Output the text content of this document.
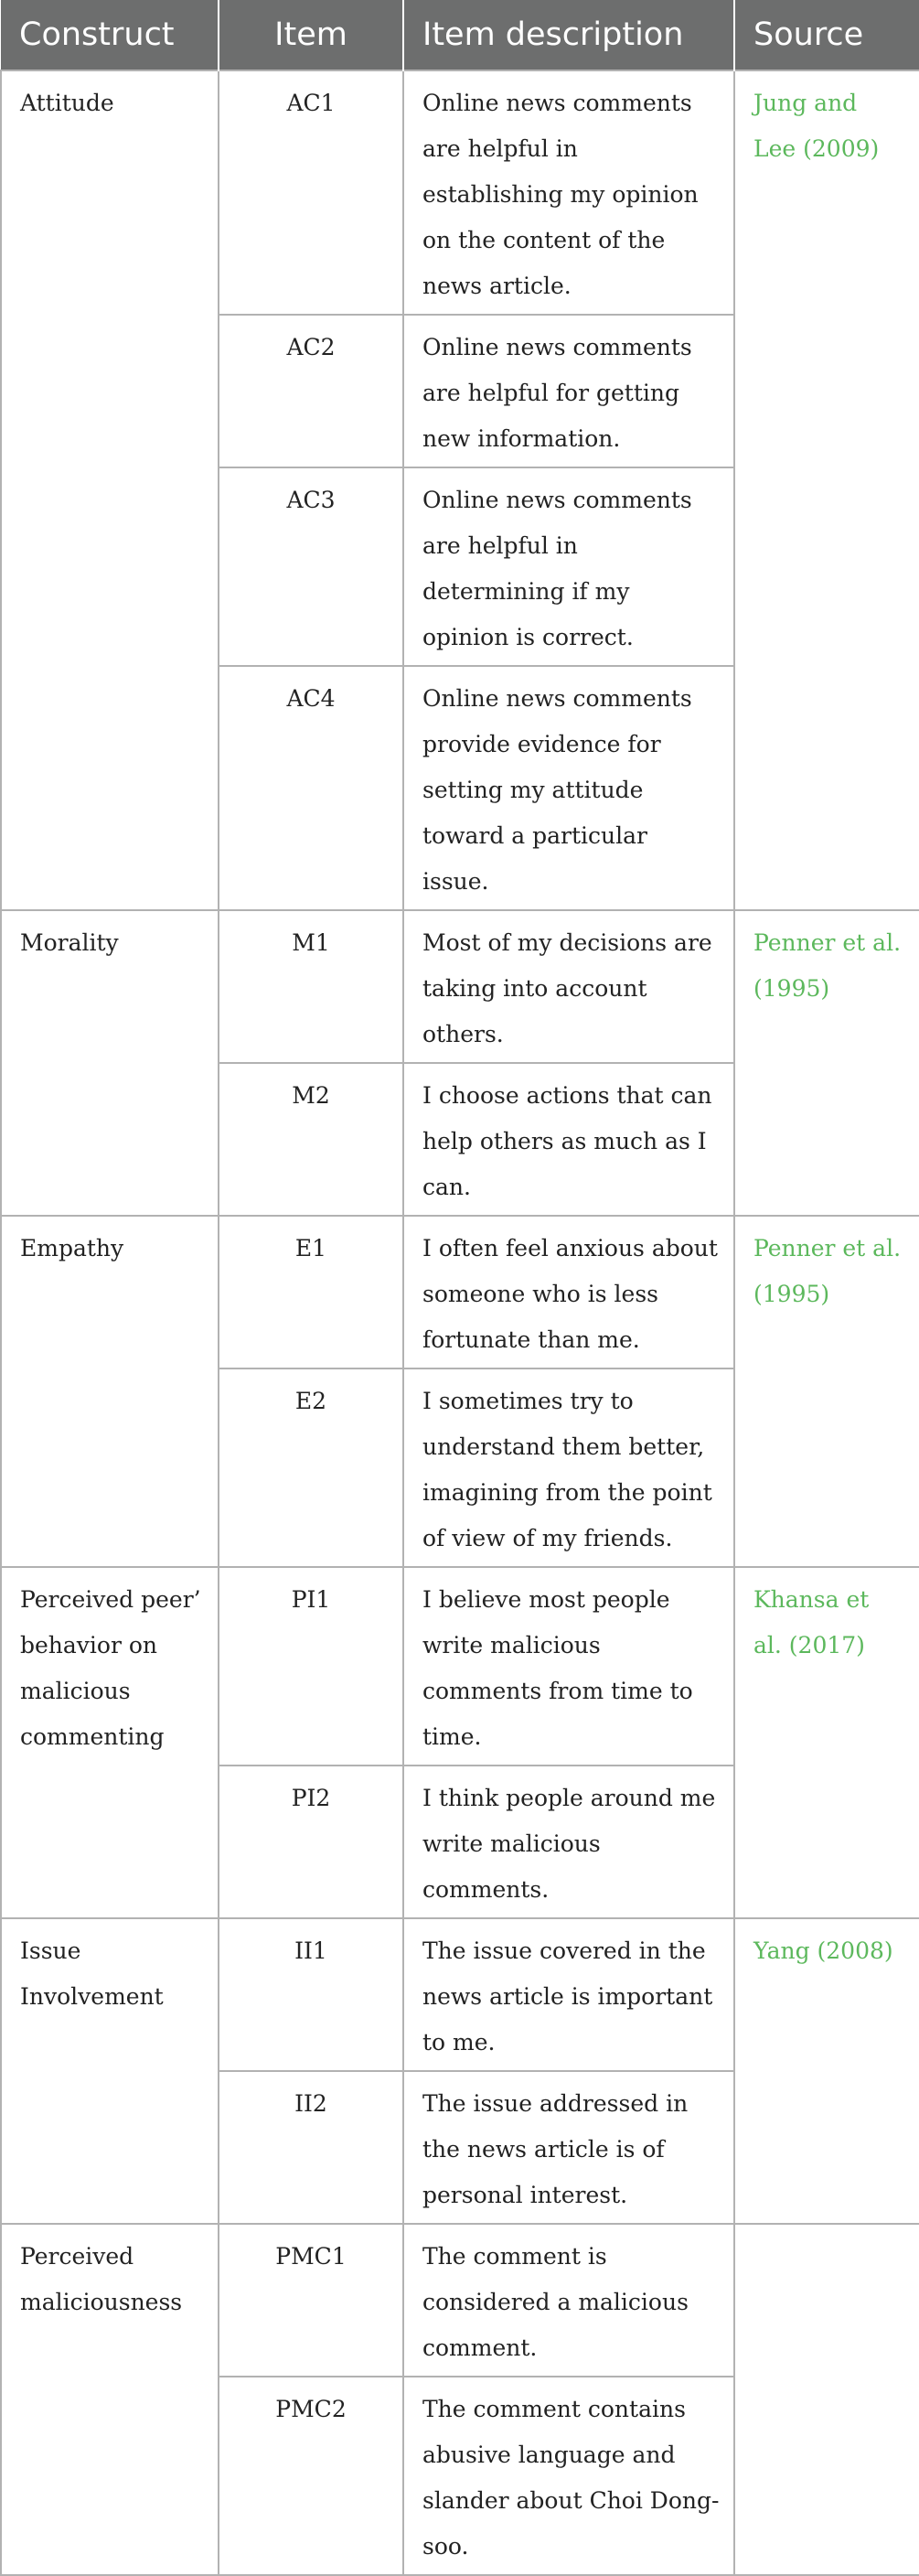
Construct	Item	Item description	Source
Attitude	AC1	Online news comments are helpful in establishing my opinion on the content of the news article.	Jung and Lee (2009)
	AC2	Online news comments are helpful for getting new information.	
	AC3	Online news comments are helpful in determining if my opinion is correct.	
	AC4	Online news comments provide evidence for setting my attitude toward a particular issue.	
Morality	M1	Most of my decisions are taking into account others.	Penner et al. (1995)
	M2	I choose actions that can help others as much as I can.	
Empathy	E1	I often feel anxious about someone who is less fortunate than me.	Penner et al. (1995)
	E2	I sometimes try to understand them better, imagining from the point of view of my friends.	
Perceived peer’ behavior on malicious commenting	PI1	I believe most people write malicious comments from time to time.	Khansa et al. (2017)
	PI2	I think people around me write malicious comments.	
Issue Involvement	II1	The issue covered in the news article is important to me.	Yang (2008)
	II2	The issue addressed in the news article is of personal interest.	
Perceived maliciousness	PMC1	The comment is considered a malicious comment.	
	PMC2	The comment contains abusive language and slander about Choi Dong-soo.	
